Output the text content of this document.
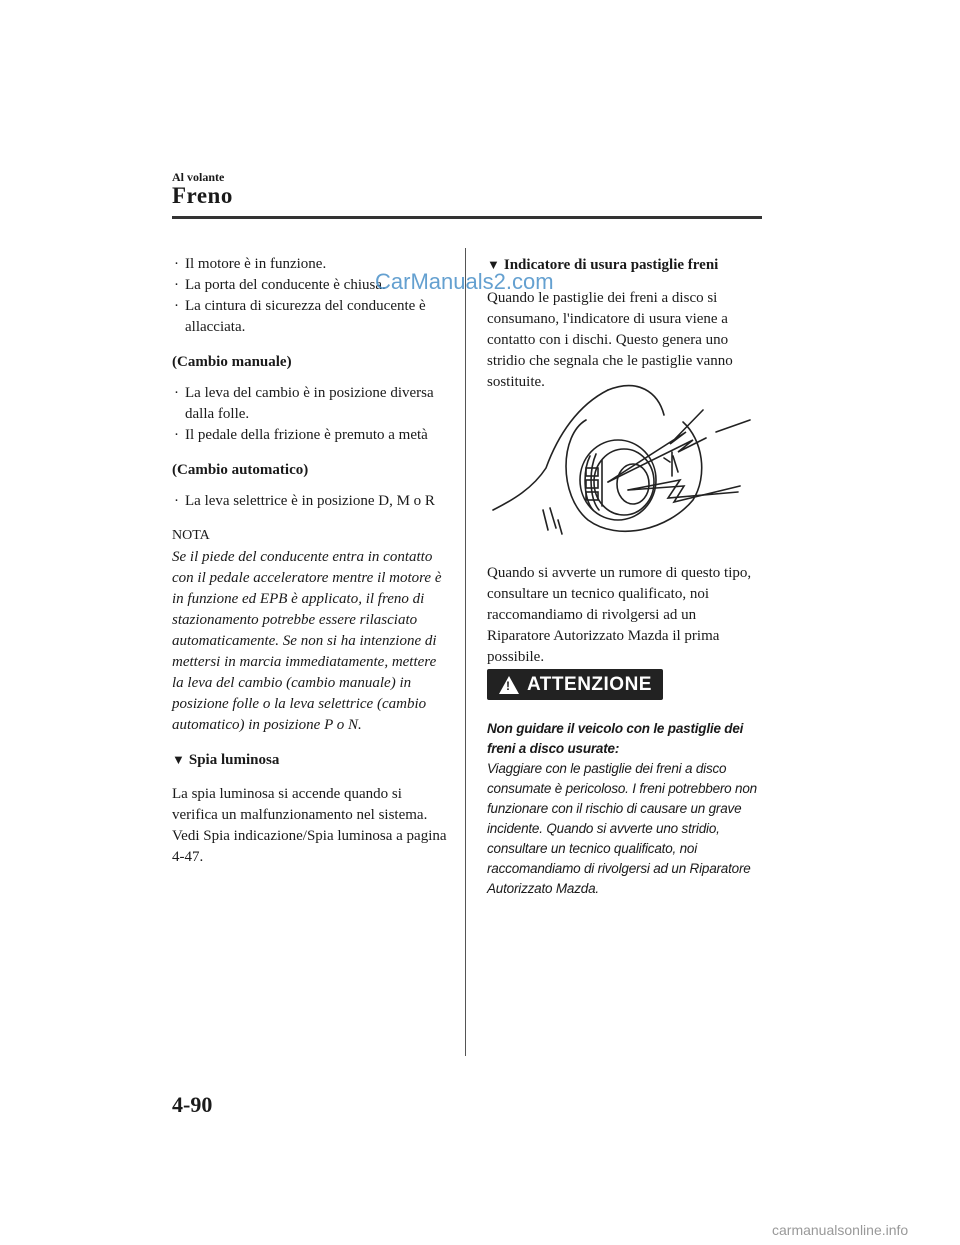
Al volante
Freno

· Il motore è in funzione.

· La porta del conducente è chiusa.

· La cintura di sicurezza del conducente è allacciata.

(Cambio manuale)

· La leva del cambio è in posizione diversa dalla folle.

· Il pedale della frizione è premuto a metà

(Cambio automatico)

· La leva selettrice è in posizione D, M o R

NOTA

Se il piede del conducente entra in contatto con il pedale acceleratore mentre il motore è in funzione ed EPB è applicato, il freno di stazionamento potrebbe essere rilasciato automaticamente. Se non si ha intenzione di mettersi in marcia immediatamente, mettere la leva del cambio (cambio manuale) in posizione folle o la leva selettrice (cambio automatico) in posizione P o N.

▼ Spia luminosa

La spia luminosa si accende quando si verifica un malfunzionamento nel sistema. Vedi Spia indicazione/Spia luminosa a pagina 4-47.

▼ Indicatore di usura pastiglie freni

Quando le pastiglie dei freni a disco si consumano, l'indicatore di usura viene a contatto con i dischi. Questo genera uno stridio che segnala che le pastiglie vanno sostituite.

Quando si avverte un rumore di questo tipo, consultare un tecnico qualificato, noi raccomandiamo di rivolgersi ad un Riparatore Autorizzato Mazda il prima possibile.

! ATTENZIONE

Non guidare il veicolo con le pastiglie dei freni a disco usurate:

Viaggiare con le pastiglie dei freni a disco consumate è pericoloso. I freni potrebbero non funzionare con il rischio di causare un grave incidente. Quando si avverte uno stridio, consultare un tecnico qualificato, noi raccomandiamo di rivolgersi ad un Riparatore Autorizzato Mazda.

CarManuals2.com
4-90
carmanualsonline.info
